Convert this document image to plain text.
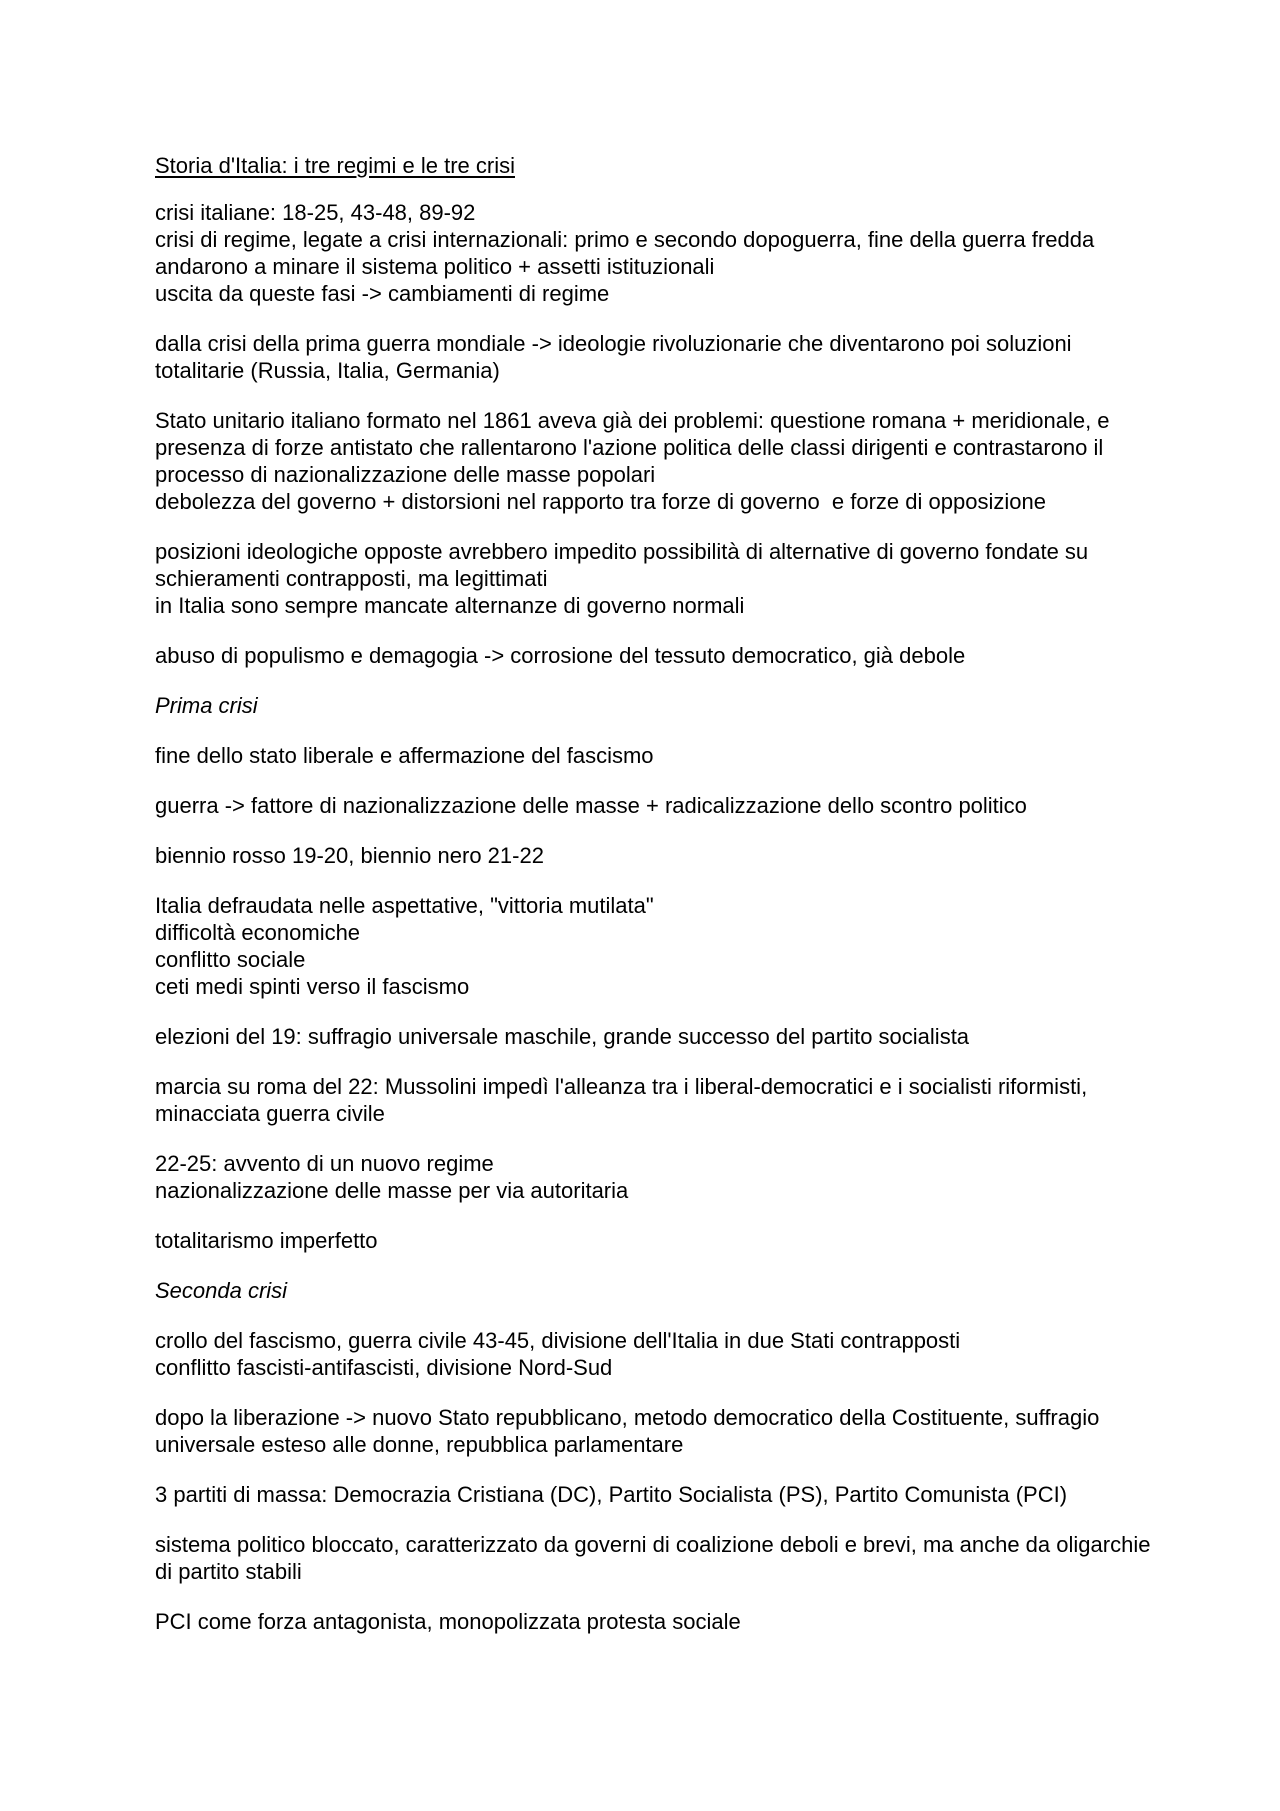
Storia d'Italia: i tre regimi e le tre crisi
crisi italiane: 18-25, 43-48, 89-92
crisi di regime, legate a crisi internazionali: primo e secondo dopoguerra, fine della guerra fredda
andarono a minare il sistema politico + assetti istituzionali
uscita da queste fasi -> cambiamenti di regime
dalla crisi della prima guerra mondiale -> ideologie rivoluzionarie che diventarono poi soluzioni totalitarie (Russia, Italia, Germania)
Stato unitario italiano formato nel 1861 aveva già dei problemi: questione romana + meridionale, e presenza di forze antistato che rallentarono l'azione politica delle classi dirigenti e contrastarono il processo di nazionalizzazione delle masse popolari
debolezza del governo + distorsioni nel rapporto tra forze di governo  e forze di opposizione
posizioni ideologiche opposte avrebbero impedito possibilità di alternative di governo fondate su schieramenti contrapposti, ma legittimati
in Italia sono sempre mancate alternanze di governo normali
abuso di populismo e demagogia -> corrosione del tessuto democratico, già debole
Prima crisi
fine dello stato liberale e affermazione del fascismo
guerra -> fattore di nazionalizzazione delle masse + radicalizzazione dello scontro politico
biennio rosso 19-20, biennio nero 21-22
Italia defraudata nelle aspettative, "vittoria mutilata"
difficoltà economiche
conflitto sociale
ceti medi spinti verso il fascismo
elezioni del 19: suffragio universale maschile, grande successo del partito socialista
marcia su roma del 22: Mussolini impedì l'alleanza tra i liberal-democratici e i socialisti riformisti, minacciata guerra civile
22-25: avvento di un nuovo regime
nazionalizzazione delle masse per via autoritaria
totalitarismo imperfetto
Seconda crisi
crollo del fascismo, guerra civile 43-45, divisione dell'Italia in due Stati contrapposti
conflitto fascisti-antifascisti, divisione Nord-Sud
dopo la liberazione -> nuovo Stato repubblicano, metodo democratico della Costituente, suffragio universale esteso alle donne, repubblica parlamentare
3 partiti di massa: Democrazia Cristiana (DC), Partito Socialista (PS), Partito Comunista (PCI)
sistema politico bloccato, caratterizzato da governi di coalizione deboli e brevi, ma anche da oligarchie di partito stabili
PCI come forza antagonista, monopolizzata protesta sociale
